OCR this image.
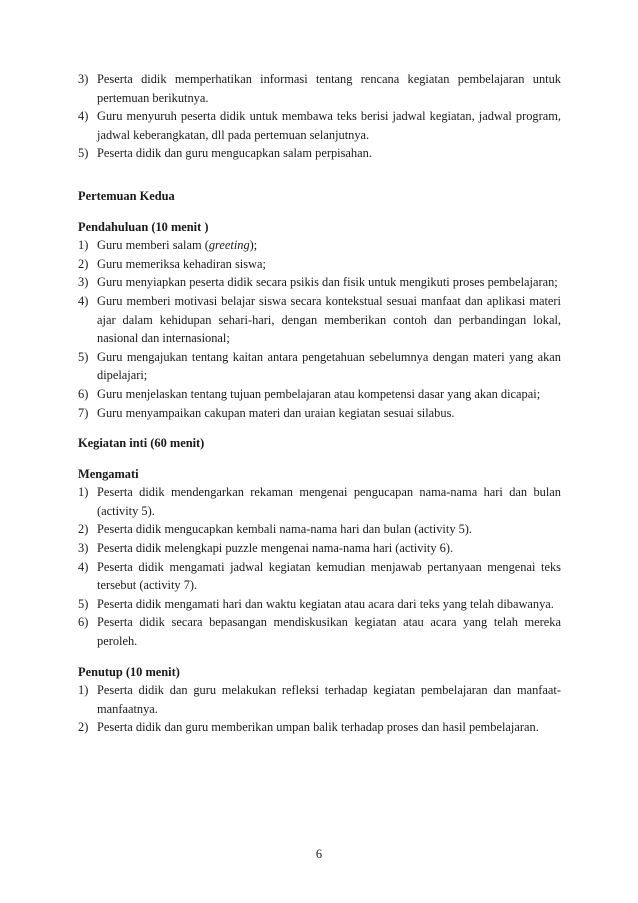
3) Peserta didik memperhatikan informasi tentang rencana kegiatan pembelajaran untuk pertemuan berikutnya.
4) Guru menyuruh peserta didik untuk membawa teks berisi jadwal kegiatan, jadwal program, jadwal keberangkatan, dll pada pertemuan selanjutnya.
5) Peserta didik dan guru mengucapkan salam perpisahan.
Pertemuan Kedua
Pendahuluan (10 menit )
1) Guru memberi salam (greeting);
2) Guru memeriksa kehadiran siswa;
3) Guru menyiapkan peserta didik secara psikis dan fisik untuk mengikuti proses pembelajaran;
4) Guru memberi motivasi belajar siswa secara kontekstual sesuai manfaat dan aplikasi materi ajar dalam kehidupan sehari-hari, dengan memberikan contoh dan perbandingan lokal, nasional dan internasional;
5) Guru mengajukan tentang kaitan antara pengetahuan sebelumnya dengan materi yang akan dipelajari;
6) Guru menjelaskan tentang tujuan pembelajaran atau kompetensi dasar yang akan dicapai;
7) Guru menyampaikan cakupan materi dan uraian kegiatan sesuai silabus.
Kegiatan inti (60 menit)
Mengamati
1) Peserta didik mendengarkan rekaman mengenai pengucapan nama-nama hari dan bulan (activity 5).
2) Peserta didik mengucapkan kembali nama-nama hari dan bulan (activity 5).
3) Peserta didik melengkapi puzzle mengenai nama-nama hari (activity 6).
4) Peserta didik mengamati jadwal kegiatan kemudian menjawab pertanyaan mengenai teks tersebut (activity 7).
5) Peserta didik mengamati hari dan waktu kegiatan atau acara dari teks yang telah dibawanya.
6) Peserta didik secara bepasangan mendiskusikan kegiatan atau acara yang telah mereka peroleh.
Penutup (10 menit)
1) Peserta didik dan guru melakukan refleksi terhadap kegiatan pembelajaran dan manfaat-manfaatnya.
2) Peserta didik dan guru memberikan umpan balik terhadap proses dan hasil pembelajaran.
6
